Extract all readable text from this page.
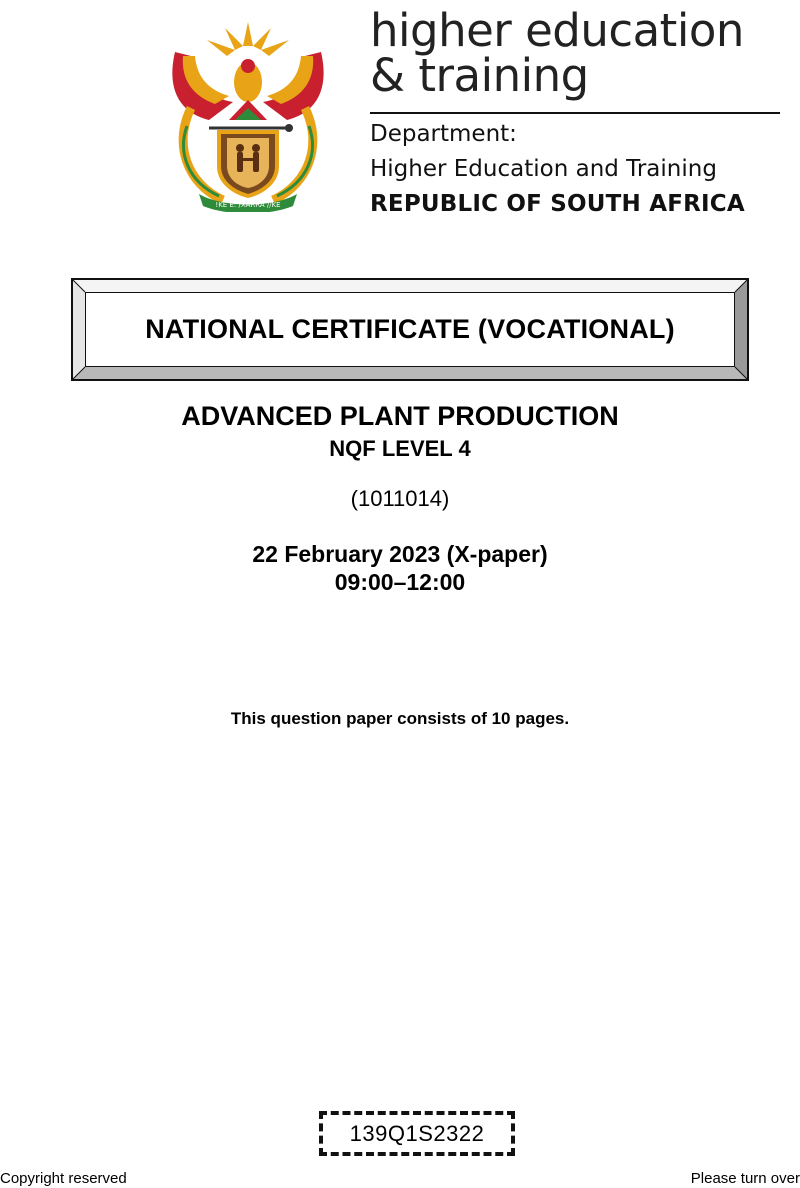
!KE E: /XARRA //KE
higher education
& training
Department:
Higher Education and Training
REPUBLIC OF SOUTH AFRICA
NATIONAL CERTIFICATE (VOCATIONAL)
ADVANCED PLANT PRODUCTION
NQF LEVEL 4
(1011014)
22 February 2023 (X-paper)
09:00–12:00
This question paper consists of 10 pages.
139Q1S2322
Copyright reserved	Please turn over
